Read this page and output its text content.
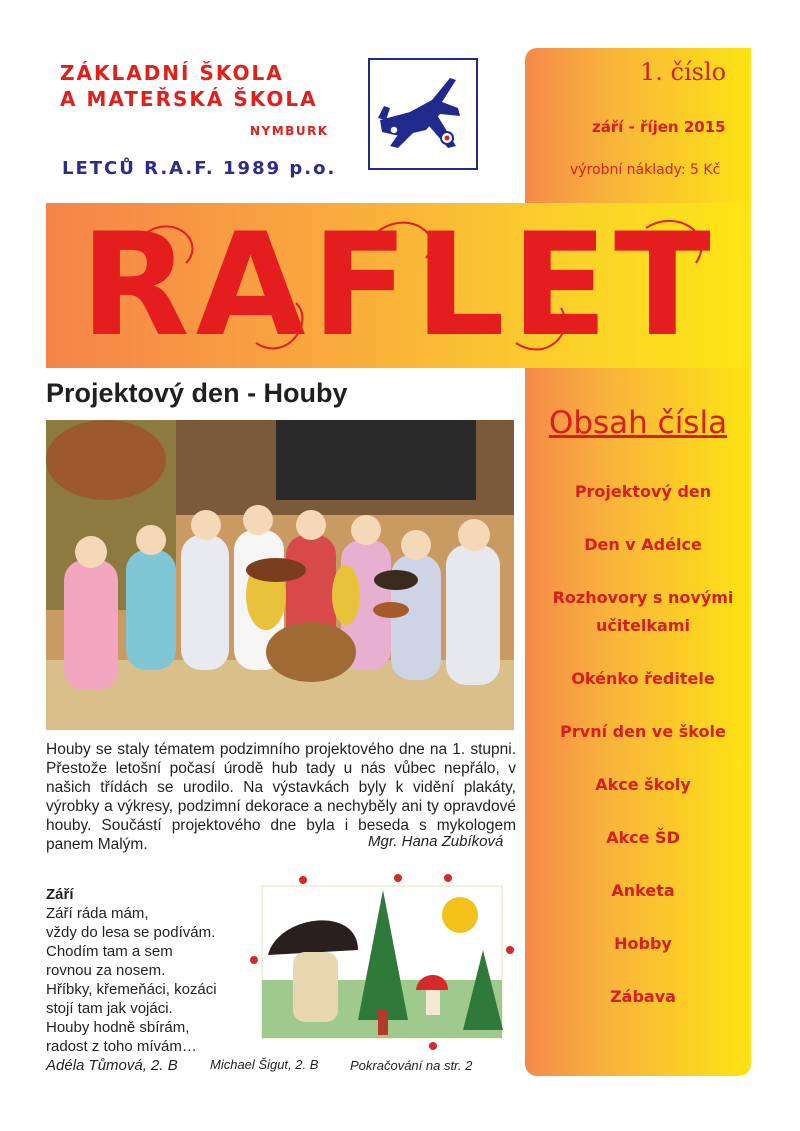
ZÁKLADNÍ ŠKOLA
A MATEŘSKÁ ŠKOLA
NYMBURK
LETCŮ R.A.F. 1989 p.o.
1. číslo
září - říjen 2015
výrobní náklady: 5 Kč
RAFLET
Projektový den - Houby
Houby se staly tématem podzimního projektového dne na 1. stupni. Přestože letošní počasí úrodě hub tady u nás vůbec nepřálo, v našich třídách se urodilo. Na výstavkách byly k vidění plakáty, výrobky a výkresy, podzimní dekorace a nechyběly ani ty opravdové houby. Součástí projektového dne byla i beseda s mykologem panem Malým.	Mgr. Hana Zubíková
Září
Září ráda mám,
vždy do lesa se podívám.
Chodím tam a sem
rovnou za nosem.
Hříbky, křemeňáci, kozáci
stojí tam jak vojáci.
Houby hodně sbírám,
radost z toho mívám…
Adéla Tůmová, 2. B	Michael Šigut, 2. B Pokračování na str. 2
Obsah čísla
Projektový den
Den v Adélce
Rozhovory s novými učitelkami
Okénko ředitele
První den ve škole
Akce školy
Akce ŠD
Anketa
Hobby
Zábava
